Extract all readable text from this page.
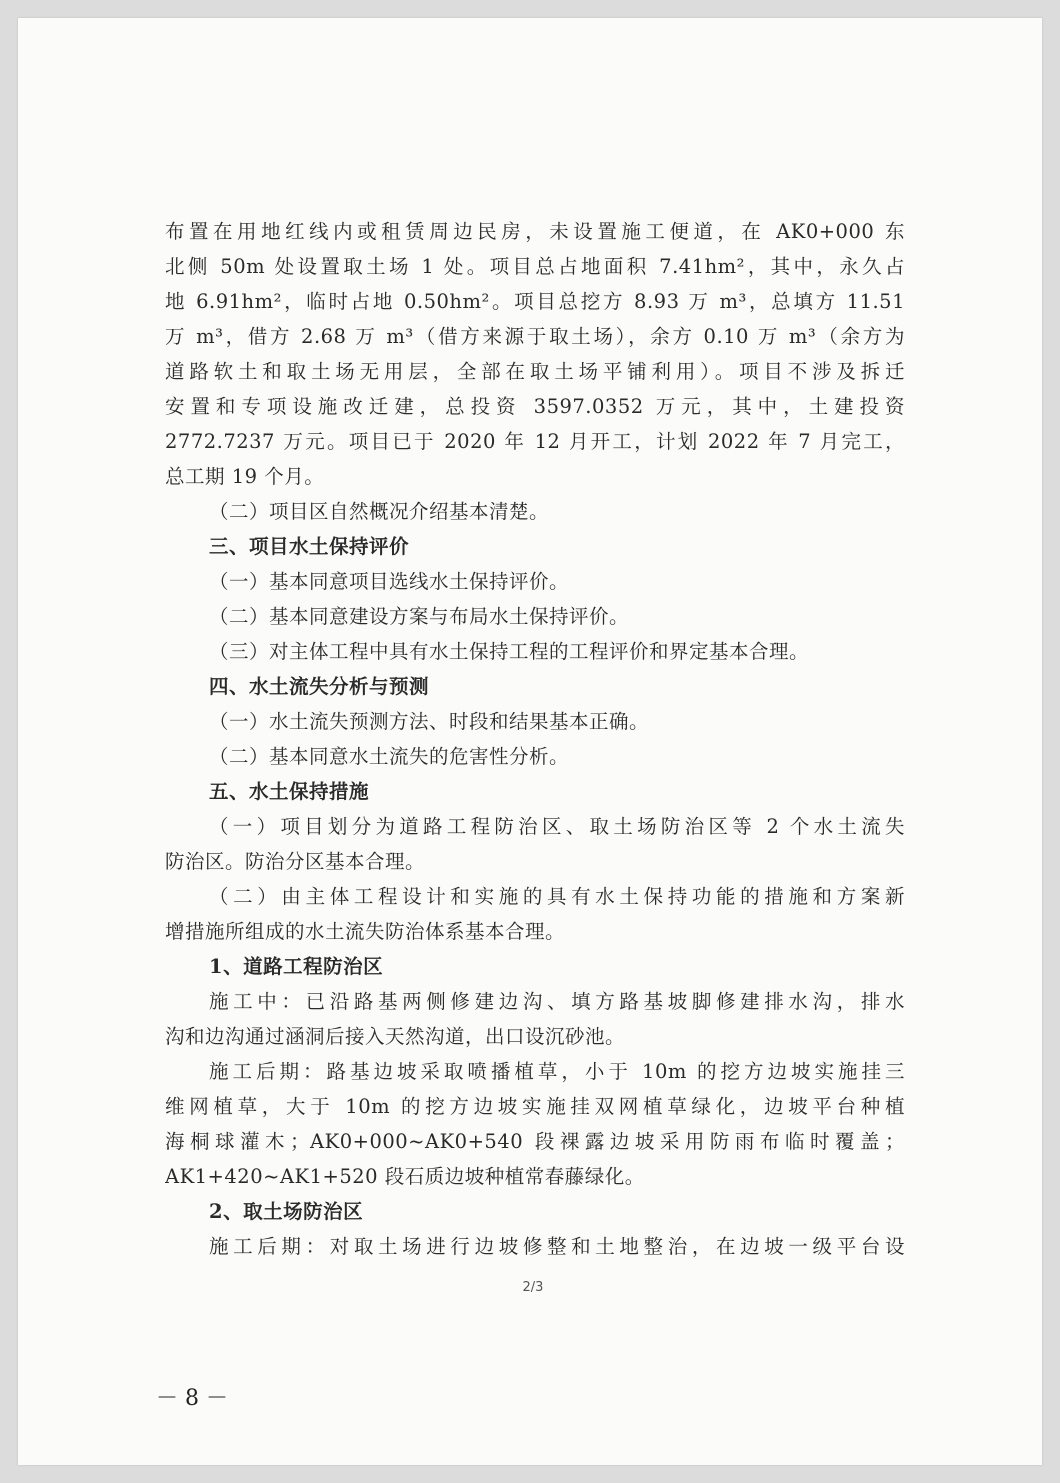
布置在用地红线内或租赁周边民房，未设置施工便道，在 AK0+000 东
北侧 50m 处设置取土场 1 处。项目总占地面积 7.41hm²，其中，永久占
地 6.91hm²，临时占地 0.50hm²。项目总挖方 8.93 万 m³，总填方 11.51
万 m³，借方 2.68 万 m³（借方来源于取土场），余方 0.10 万 m³（余方为
道路软土和取土场无用层，全部在取土场平铺利用）。项目不涉及拆迁
安置和专项设施改迁建，总投资 3597.0352 万元，其中，土建投资
2772.7237 万元。项目已于 2020 年 12 月开工，计划 2022 年 7 月完工，
总工期 19 个月。
（二）项目区自然概况介绍基本清楚。
三、项目水土保持评价
（一）基本同意项目选线水土保持评价。
（二）基本同意建设方案与布局水土保持评价。
（三）对主体工程中具有水土保持工程的工程评价和界定基本合理。
四、水土流失分析与预测
（一）水土流失预测方法、时段和结果基本正确。
（二）基本同意水土流失的危害性分析。
五、水土保持措施
（一）项目划分为道路工程防治区、取土场防治区等 2 个水土流失
防治区。防治分区基本合理。
（二）由主体工程设计和实施的具有水土保持功能的措施和方案新
增措施所组成的水土流失防治体系基本合理。
1、道路工程防治区
施工中：已沿路基两侧修建边沟、填方路基坡脚修建排水沟，排水
沟和边沟通过涵洞后接入天然沟道，出口设沉砂池。
施工后期：路基边坡采取喷播植草，小于 10m 的挖方边坡实施挂三
维网植草，大于 10m 的挖方边坡实施挂双网植草绿化，边坡平台种植
海桐球灌木；AK0+000~AK0+540 段裸露边坡采用防雨布临时覆盖；
AK1+420~AK1+520 段石质边坡种植常春藤绿化。
2、取土场防治区
施工后期：对取土场进行边坡修整和土地整治，在边坡一级平台设
2/3
－ 8 －
